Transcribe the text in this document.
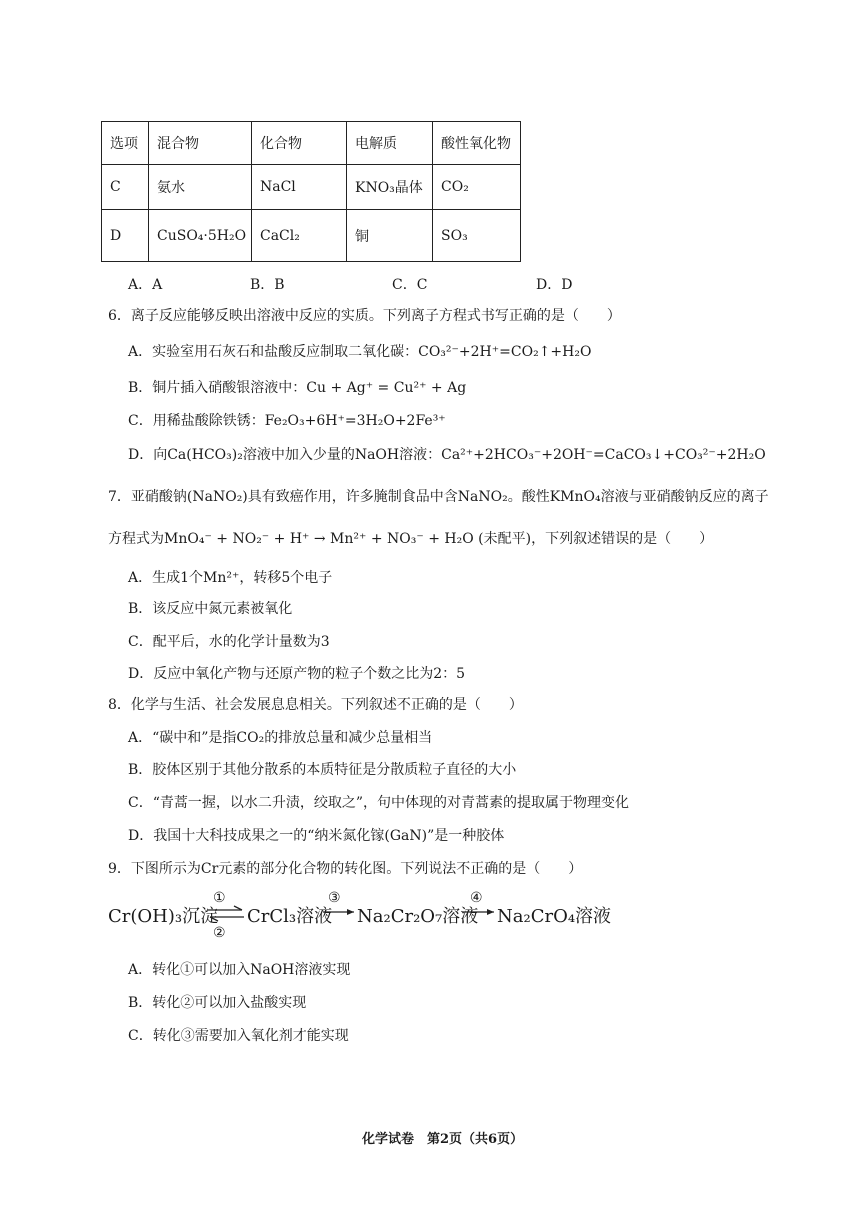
选项	混合物	化合物	电解质	酸性氧化物
C	氨水	NaCl	KNO₃晶体	CO₂
D	CuSO₄·5H₂O	CaCl₂	铜	SO₃
A．A	B．B	C．C	D．D
6．离子反应能够反映出溶液中反应的实质。下列离子方程式书写正确的是（　　）
A．实验室用石灰石和盐酸反应制取二氧化碳：CO₃²⁻+2H⁺=CO₂↑+H₂O
B．铜片插入硝酸银溶液中：Cu + Ag⁺ = Cu²⁺ + Ag
C．用稀盐酸除铁锈：Fe₂O₃+6H⁺=3H₂O+2Fe³⁺
D．向Ca(HCO₃)₂溶液中加入少量的NaOH溶液：Ca²⁺+2HCO₃⁻+2OH⁻=CaCO₃↓+CO₃²⁻+2H₂O
7．亚硝酸钠(NaNO₂)具有致癌作用，许多腌制食品中含NaNO₂。酸性KMnO₄溶液与亚硝酸钠反应的离子
方程式为MnO₄⁻ + NO₂⁻ + H⁺ → Mn²⁺ + NO₃⁻ + H₂O (未配平)，下列叙述错误的是（　　）
A．生成1个Mn²⁺，转移5个电子
B．该反应中氮元素被氧化
C．配平后，水的化学计量数为3
D．反应中氧化产物与还原产物的粒子个数之比为2：5
8．化学与生活、社会发展息息相关。下列叙述不正确的是（　　）
A．“碳中和”是指CO₂的排放总量和减少总量相当
B．胶体区别于其他分散系的本质特征是分散质粒子直径的大小
C．“青蒿一握，以水二升渍，绞取之”，句中体现的对青蒿素的提取属于物理变化
D．我国十大科技成果之一的“纳米氮化镓(GaN)”是一种胶体
9．下图所示为Cr元素的部分化合物的转化图。下列说法不正确的是（　　）
Cr(OH)₃沉淀
①
②
⇌ CrCl₃溶液
③
Na₂Cr₂O₇溶液
④
Na₂CrO₄溶液
A．转化①可以加入NaOH溶液实现
B．转化②可以加入盐酸实现
C．转化③需要加入氧化剂才能实现
化学试卷　第2页（共6页）
